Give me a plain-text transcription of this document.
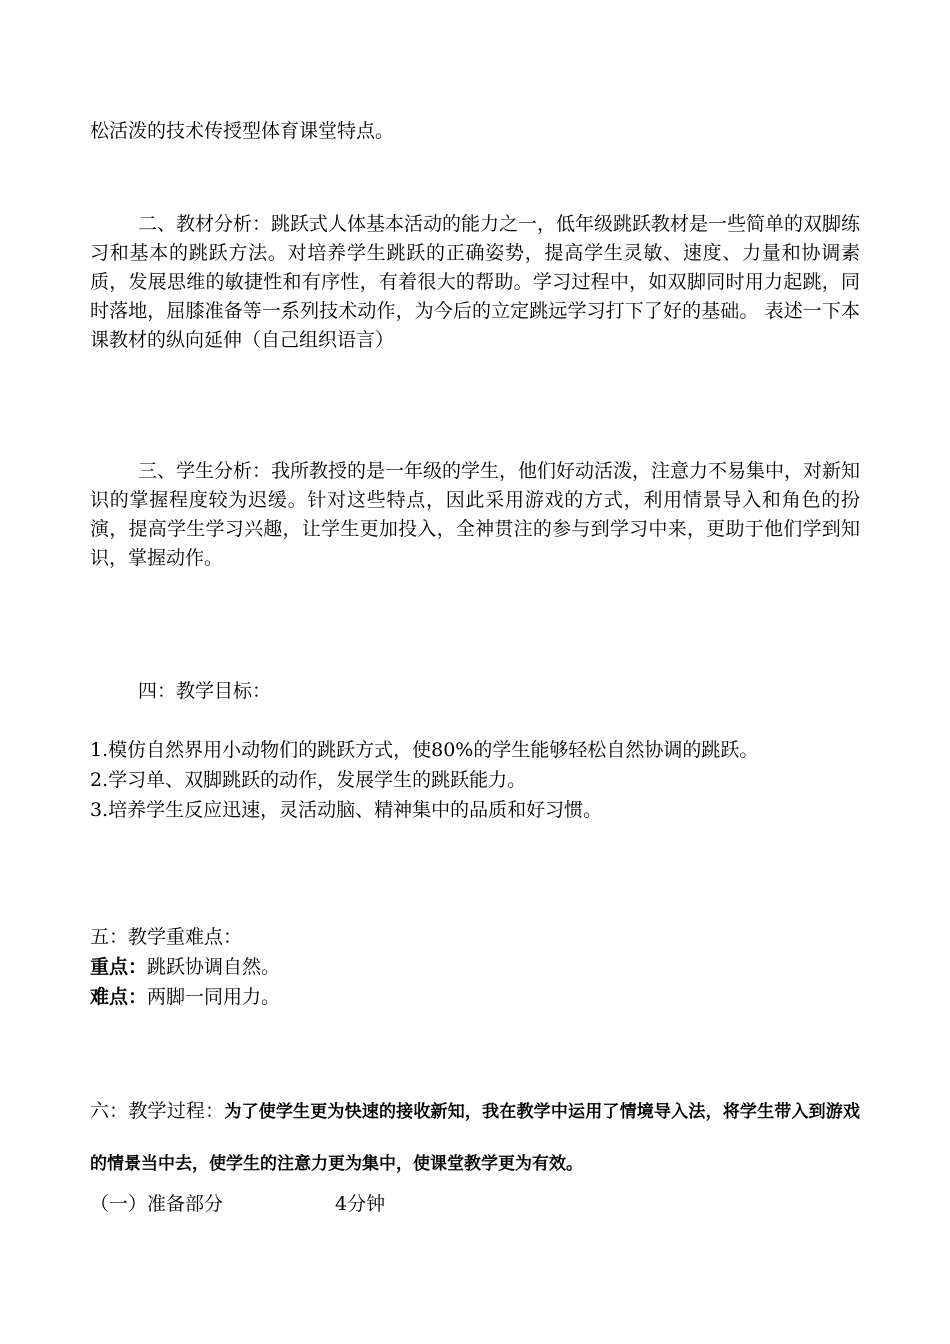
松活泼的技术传授型体育课堂特点。
二、教材分析：跳跃式人体基本活动的能力之一，低年级跳跃教材是一些简单的双脚练习和基本的跳跃方法。对培养学生跳跃的正确姿势，提高学生灵敏、速度、力量和协调素质，发展思维的敏捷性和有序性，有着很大的帮助。学习过程中，如双脚同时用力起跳，同时落地，屈膝准备等一系列技术动作，为今后的立定跳远学习打下了好的基础。 表述一下本课教材的纵向延伸（自己组织语言）
三、学生分析：我所教授的是一年级的学生，他们好动活泼，注意力不易集中，对新知识的掌握程度较为迟缓。针对这些特点，因此采用游戏的方式，利用情景导入和角色的扮演，提高学生学习兴趣，让学生更加投入，全神贯注的参与到学习中来，更助于他们学到知识，掌握动作。
四：教学目标：
1.模仿自然界用小动物们的跳跃方式，使80%的学生能够轻松自然协调的跳跃。
2.学习单、双脚跳跃的动作，发展学生的跳跃能力。
3.培养学生反应迅速，灵活动脑、精神集中的品质和好习惯。
五：教学重难点：
重点：跳跃协调自然。
难点：两脚一同用力。
六：教学过程：为了使学生更为快速的接收新知，我在教学中运用了情境导入法，将学生带入到游戏的情景当中去，使学生的注意力更为集中，使课堂教学更为有效。
（一）准备部分	4分钟
